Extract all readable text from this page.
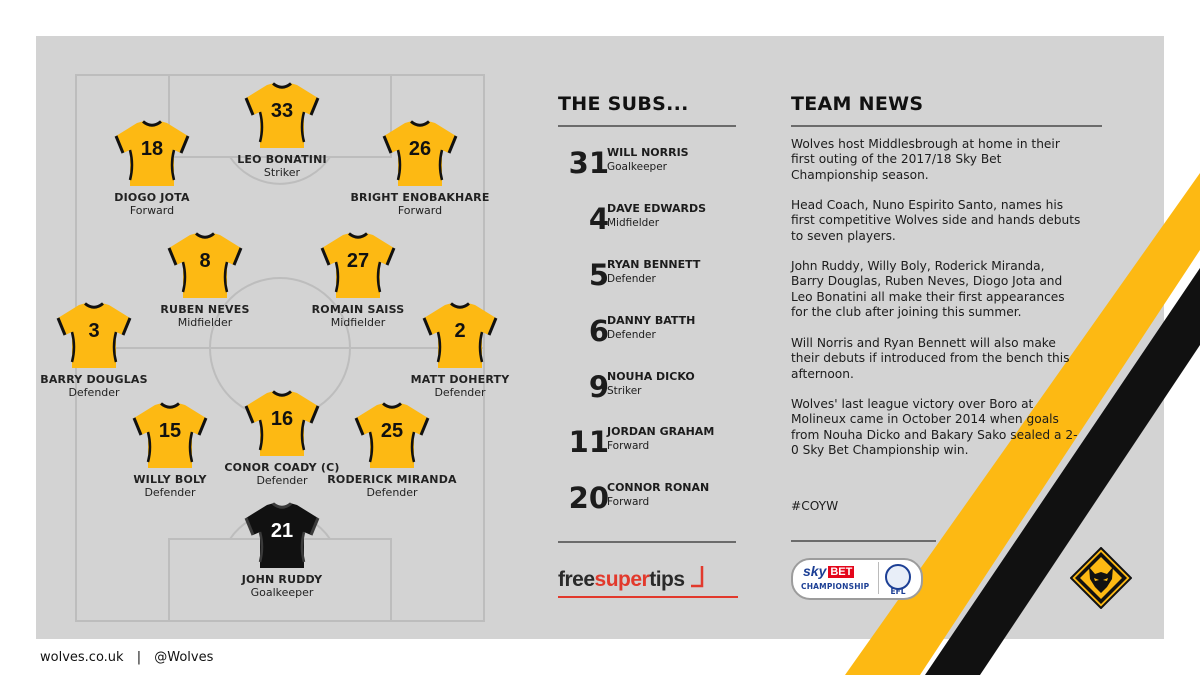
33
LEO BONATINI
Striker
18
DIOGO JOTA
Forward
26
BRIGHT ENOBAKHARE
Forward
8
RUBEN NEVES
Midfielder
27
ROMAIN SAISS
Midfielder
3
BARRY DOUGLAS
Defender
2
MATT DOHERTY
Defender
15
WILLY BOLY
Defender
16
CONOR COADY (C)
Defender
25
RODERICK MIRANDA
Defender
21
JOHN RUDDY
Goalkeeper
THE SUBS...
31
WILL NORRIS
Goalkeeper
4
DAVE EDWARDS
Midfielder
5
RYAN BENNETT
Defender
6
DANNY BATTH
Defender
9
NOUHA DICKO
Striker
11
JORDAN GRAHAM
Forward
20
CONNOR RONAN
Forward
freesupertips
TEAM NEWS

Wolves host Middlesbrough at home in their first outing of the 2017/18 Sky Bet Championship season.

Head Coach, Nuno Espirito Santo, names his first competitive Wolves side and hands debuts to seven players.

John Ruddy, Willy Boly, Roderick Miranda, Barry Douglas, Ruben Neves, Diogo Jota and Leo Bonatini all make their first appearances for the club after joining this summer.

Will Norris and Ryan Bennett will also make their debuts if introduced from the bench this afternoon.

Wolves' last league victory over Boro at Molineux came in October 2014 when goals from Nouha Dicko and Bakary Sako sealed a 2-0 Sky Bet Championship win.

#COYW

sky BET
CHAMPIONSHIP
EFL
wolves.co.uk | @Wolves
